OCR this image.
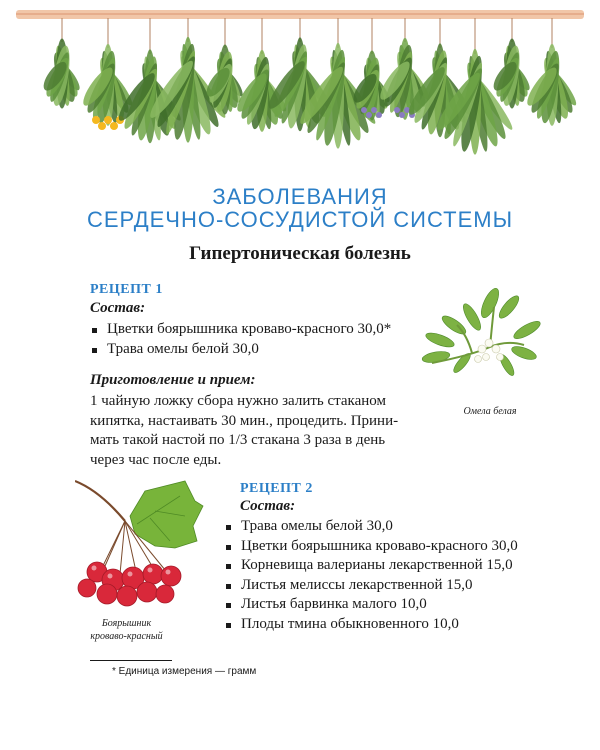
ЗАБОЛЕВАНИЯ
СЕРДЕЧНО-СОСУДИСТОЙ СИСТЕМЫ
Гипертоническая болезнь
РЕЦЕПТ 1
Состав:
Цветки боярышника кроваво-красного 30,0*
Трава омелы белой 30,0
Приготовление и прием:
1 чайную ложку сбора нужно залить стаканом
кипятка, настаивать 30 мин., процедить. Прини-
мать такой настой по 1/3 стакана 3 раза в день
через час после еды.
Омела белая
Боярышник
кроваво-красный
РЕЦЕПТ 2
Состав:
Трава омелы белой 30,0
Цветки боярышника кроваво-красного 30,0
Корневища валерианы лекарственной 15,0
Листья мелиссы лекарственной 15,0
Листья барвинка малого 10,0
Плоды тмина обыкновенного 10,0
* Единица измерения — грамм
